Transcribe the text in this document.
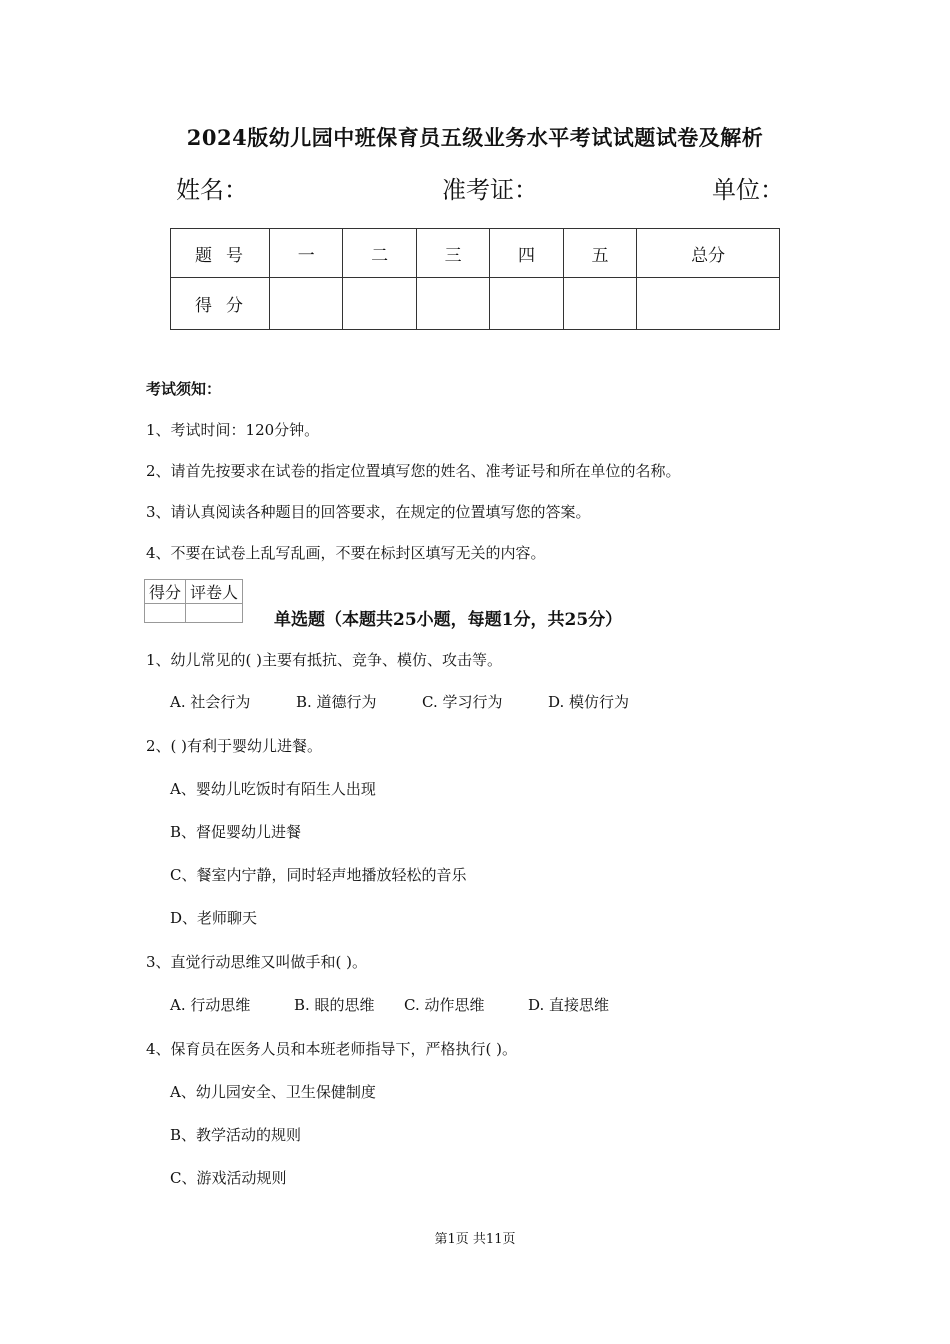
2024版幼儿园中班保育员五级业务水平考试试题试卷及解析
姓名：	准考证：	单位：
题号	一	二	三	四	五	总分
得分						
考试须知：
1、考试时间：120分钟。
2、请首先按要求在试卷的指定位置填写您的姓名、准考证号和所在单位的名称。
3、请认真阅读各种题目的回答要求，在规定的位置填写您的答案。
4、不要在试卷上乱写乱画，不要在标封区填写无关的内容。
得分	评卷人

单选题（本题共25小题，每题1分，共25分）
1、幼儿常见的( )主要有抵抗、竞争、模仿、攻击等。
A. 社会行为	B. 道德行为	C. 学习行为	D. 模仿行为
2、( )有利于婴幼儿进餐。
A、婴幼儿吃饭时有陌生人出现
B、督促婴幼儿进餐
C、餐室内宁静，同时轻声地播放轻松的音乐
D、老师聊天
3、直觉行动思维又叫做手和( )。
A. 行动思维	B. 眼的思维 C. 动作思维	D. 直接思维
4、保育员在医务人员和本班老师指导下，严格执行( )。
A、幼儿园安全、卫生保健制度
B、教学活动的规则
C、游戏活动规则
第1页 共11页
